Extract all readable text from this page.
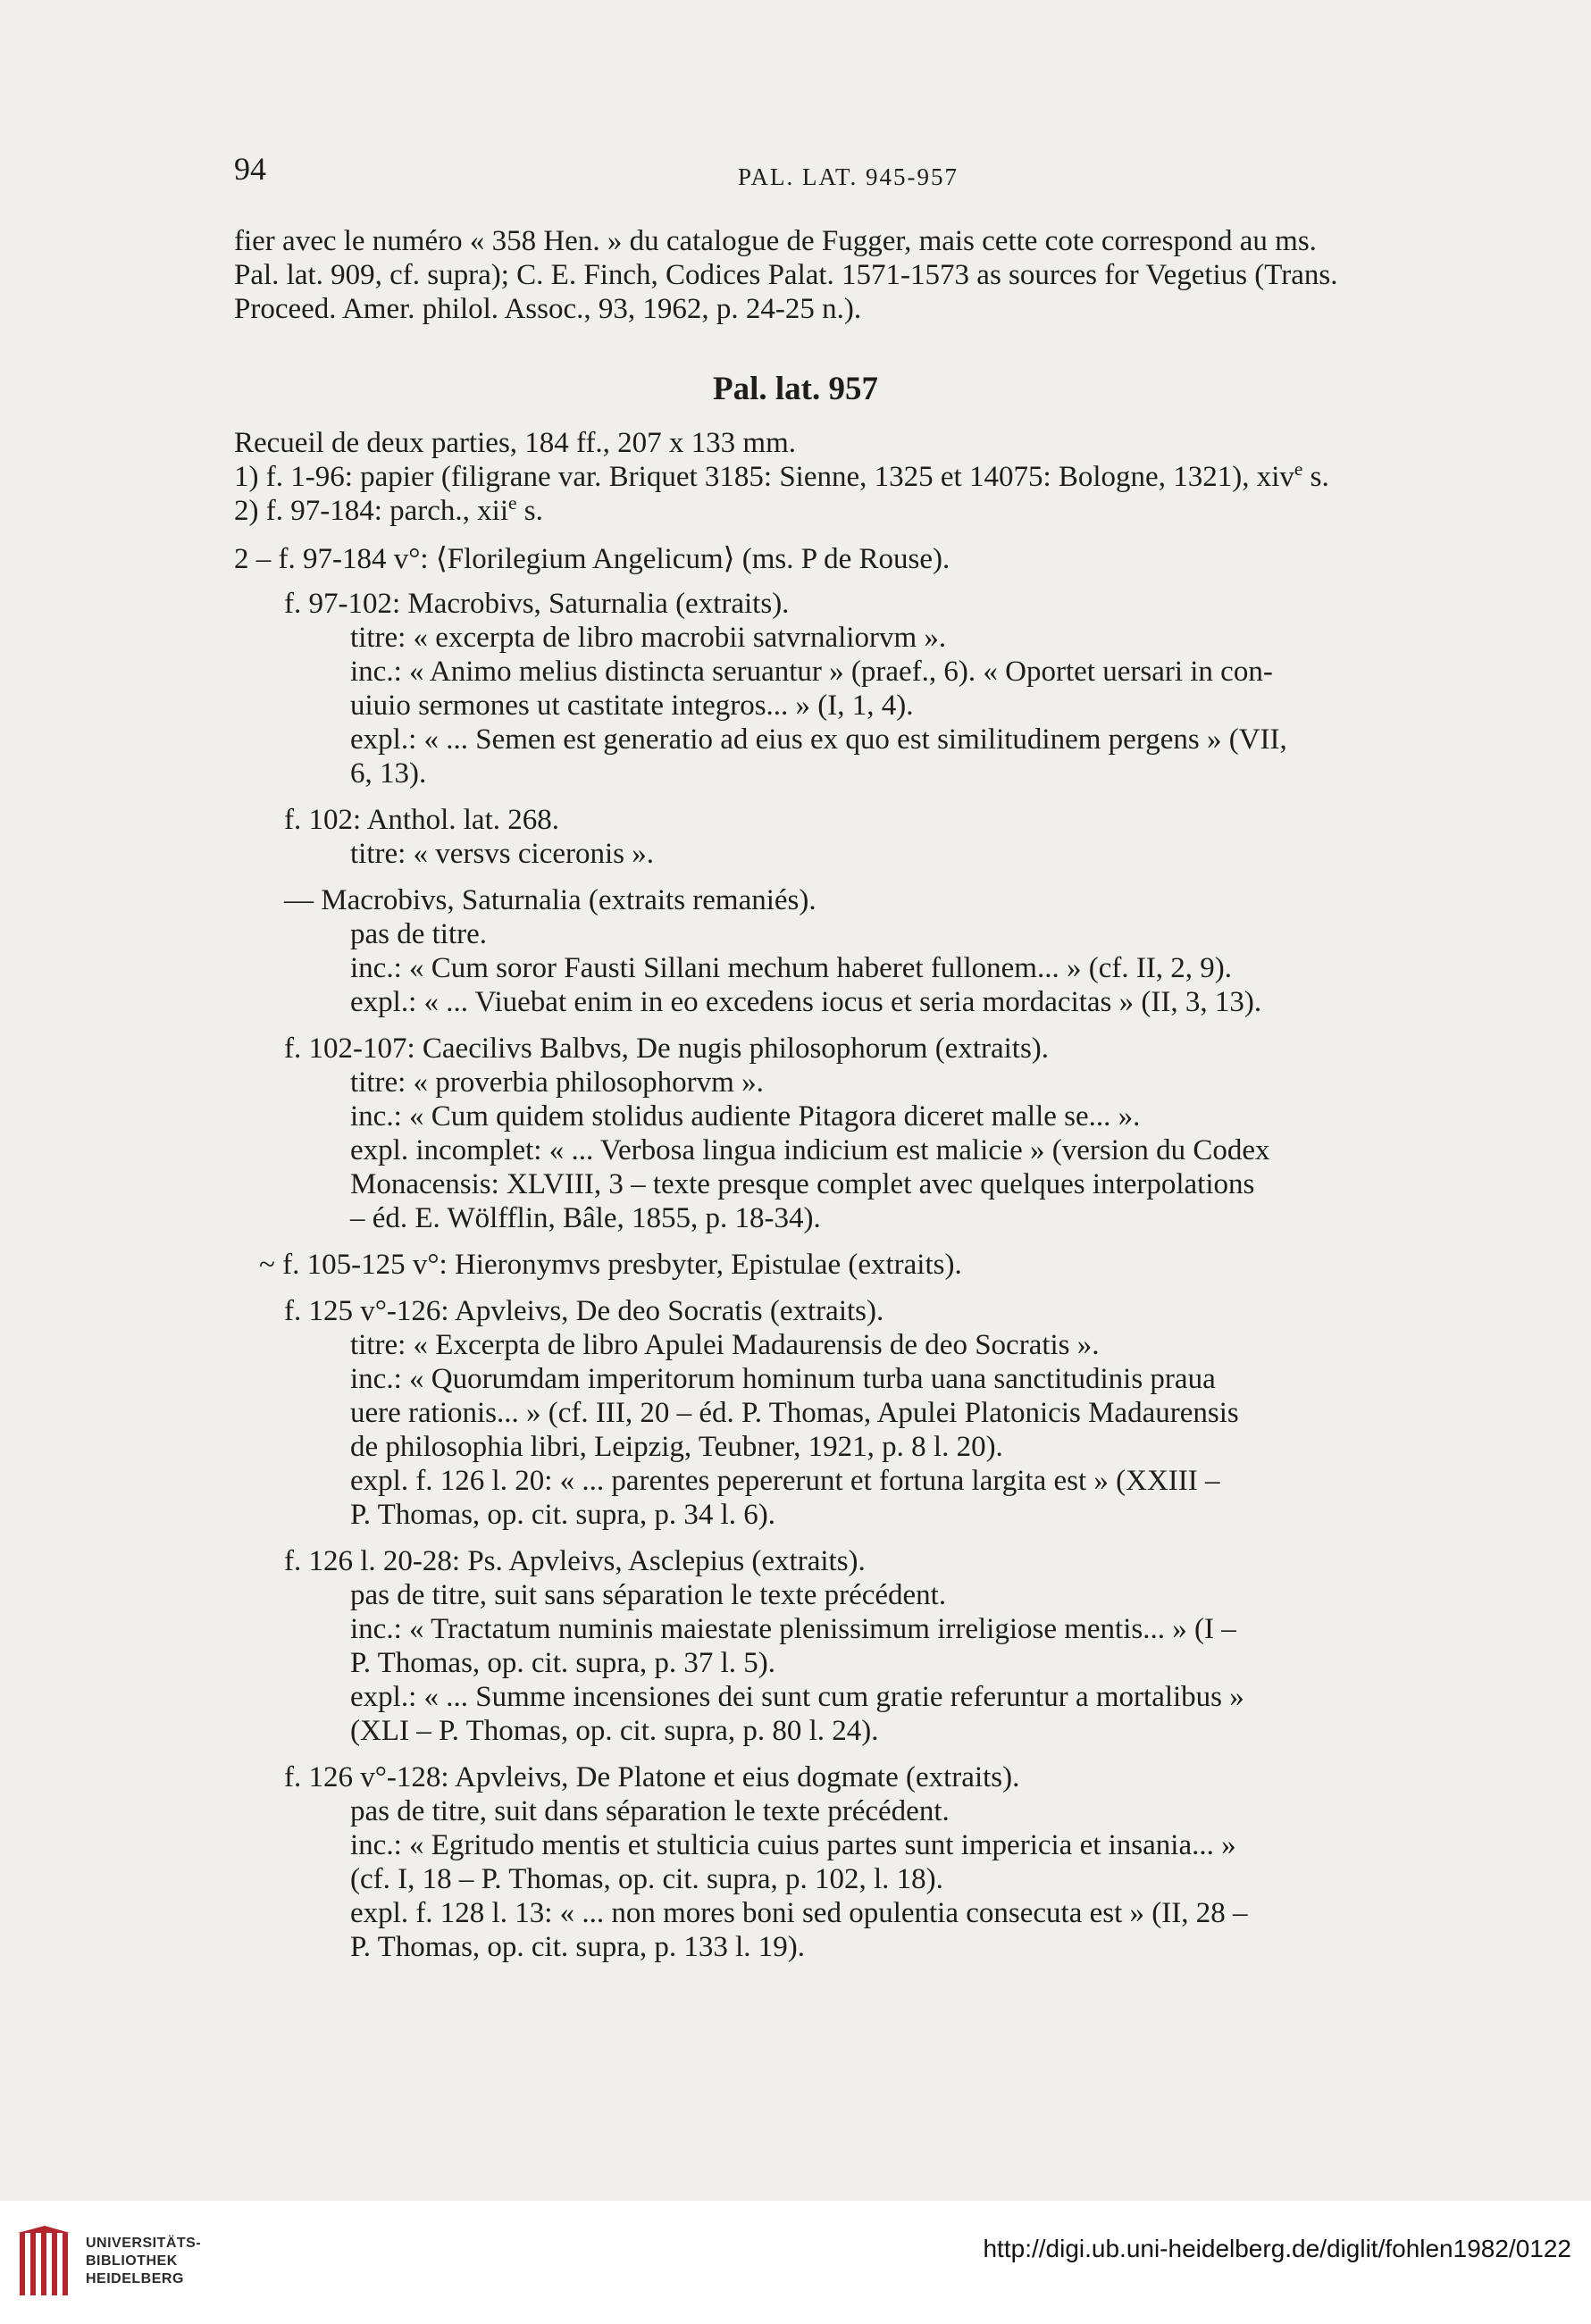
94	PAL. LAT. 945-957
fier avec le numéro « 358 Hen. » du catalogue de Fugger, mais cette cote correspond au ms.
Pal. lat. 909, cf. supra); C. E. Finch, Codices Palat. 1571-1573 as sources for Vegetius (Trans.
Proceed. Amer. philol. Assoc., 93, 1962, p. 24-25 n.).
Pal. lat. 957
Recueil de deux parties, 184 ff., 207 x 133 mm.
1) f. 1-96: papier (filigrane var. Briquet 3185: Sienne, 1325 et 14075: Bologne, 1321), xiv$^e$ s.
2) f. 97-184: parch., xii$^e$ s.
2 – f. 97-184 v°: ⟨Florilegium Angelicum⟩ (ms. P de Rouse).
f. 97-102: Macrobivs, Saturnalia (extraits).
titre: « excerpta de libro macrobii satvrnaliorvm ».
inc.: « Animo melius distincta seruantur » (praef., 6). « Oportet uersari in con-
uiuio sermones ut castitate integros... » (I, 1, 4).
expl.: « ... Semen est generatio ad eius ex quo est similitudinem pergens » (VII,
6, 13).
f. 102: Anthol. lat. 268.
titre: « versvs ciceronis ».
— Macrobivs, Saturnalia (extraits remaniés).
pas de titre.
inc.: « Cum soror Fausti Sillani mechum haberet fullonem... » (cf. II, 2, 9).
expl.: « ... Viuebat enim in eo excedens iocus et seria mordacitas » (II, 3, 13).
f. 102-107: Caecilivs Balbvs, De nugis philosophorum (extraits).
titre: « proverbia philosophorvm ».
inc.: « Cum quidem stolidus audiente Pitagora diceret malle se... ».
expl. incomplet: « ... Verbosa lingua indicium est malicie » (version du Codex
Monacensis: XLVIII, 3 – texte presque complet avec quelques interpolations
– éd. E. Wölfflin, Bâle, 1855, p. 18-34).
~ f. 105-125 v°: Hieronymvs presbyter, Epistulae (extraits).
f. 125 v°-126: Apvleivs, De deo Socratis (extraits).
titre: « Excerpta de libro Apulei Madaurensis de deo Socratis ».
inc.: « Quorumdam imperitorum hominum turba uana sanctitudinis praua
uere rationis... » (cf. III, 20 – éd. P. Thomas, Apulei Platonicis Madaurensis
de philosophia libri, Leipzig, Teubner, 1921, p. 8 l. 20).
expl. f. 126 l. 20: « ... parentes pepererunt et fortuna largita est » (XXIII –
P. Thomas, op. cit. supra, p. 34 l. 6).
f. 126 l. 20-28: Ps. Apvleivs, Asclepius (extraits).
pas de titre, suit sans séparation le texte précédent.
inc.: « Tractatum numinis maiestate plenissimum irreligiose mentis... » (I –
P. Thomas, op. cit. supra, p. 37 l. 5).
expl.: « ... Summe incensiones dei sunt cum gratie referuntur a mortalibus »
(XLI – P. Thomas, op. cit. supra, p. 80 l. 24).
f. 126 v°-128: Apvleivs, De Platone et eius dogmate (extraits).
pas de titre, suit dans séparation le texte précédent.
inc.: « Egritudo mentis et stulticia cuius partes sunt impericia et insania... »
(cf. I, 18 – P. Thomas, op. cit. supra, p. 102, l. 18).
expl. f. 128 l. 13: « ... non mores boni sed opulentia consecuta est » (II, 28 –
P. Thomas, op. cit. supra, p. 133 l. 19).
UNIVERSITÄTS-
BIBLIOTHEK
HEIDELBERG
http://digi.ub.uni-heidelberg.de/diglit/fohlen1982/0122
